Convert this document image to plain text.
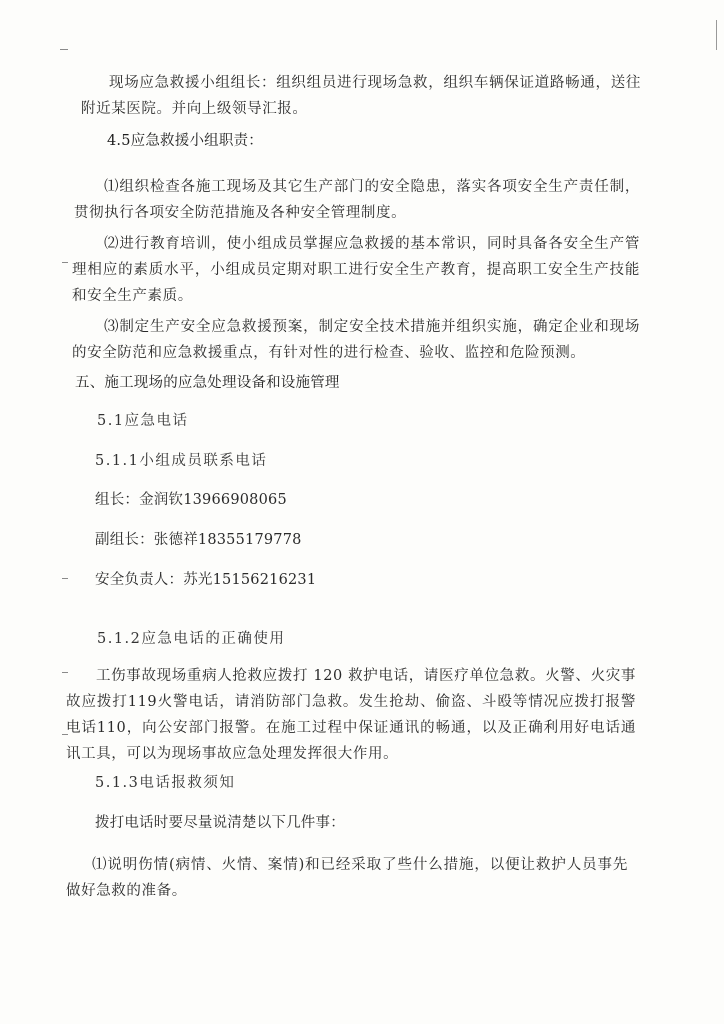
现场应急救援小组组长：组织组员进行现场急救，组织车辆保证道路畅通，送往附近某医院。并向上级领导汇报。

4.5应急救援小组职责：

⑴组织检查各施工现场及其它生产部门的安全隐患，落实各项安全生产责任制，贯彻执行各项安全防范措施及各种安全管理制度。

⑵进行教育培训，使小组成员掌握应急救援的基本常识，同时具备各安全生产管理相应的素质水平，小组成员定期对职工进行安全生产教育，提高职工安全生产技能和安全生产素质。

⑶制定生产安全应急救援预案，制定安全技术措施并组织实施，确定企业和现场的安全防范和应急救援重点，有针对性的进行检查、验收、监控和危险预测。

五、施工现场的应急处理设备和设施管理

5.1应急电话

5.1.1小组成员联系电话

组长：金润钦13966908065

副组长：张德祥18355179778

安全负责人：苏光15156216231

5.1.2应急电话的正确使用

工伤事故现场重病人抢救应拨打 120 救护电话，请医疗单位急救。火警、火灾事故应拨打119火警电话，请消防部门急救。发生抢劫、偷盗、斗殴等情况应拨打报警电话110，向公安部门报警。在施工过程中保证通讯的畅通，以及正确利用好电话通讯工具，可以为现场事故应急处理发挥很大作用。

5.1.3电话报救须知

拨打电话时要尽量说清楚以下几件事：

⑴说明伤情(病情、火情、案情)和已经采取了些什么措施，以便让救护人员事先做好急救的准备。
